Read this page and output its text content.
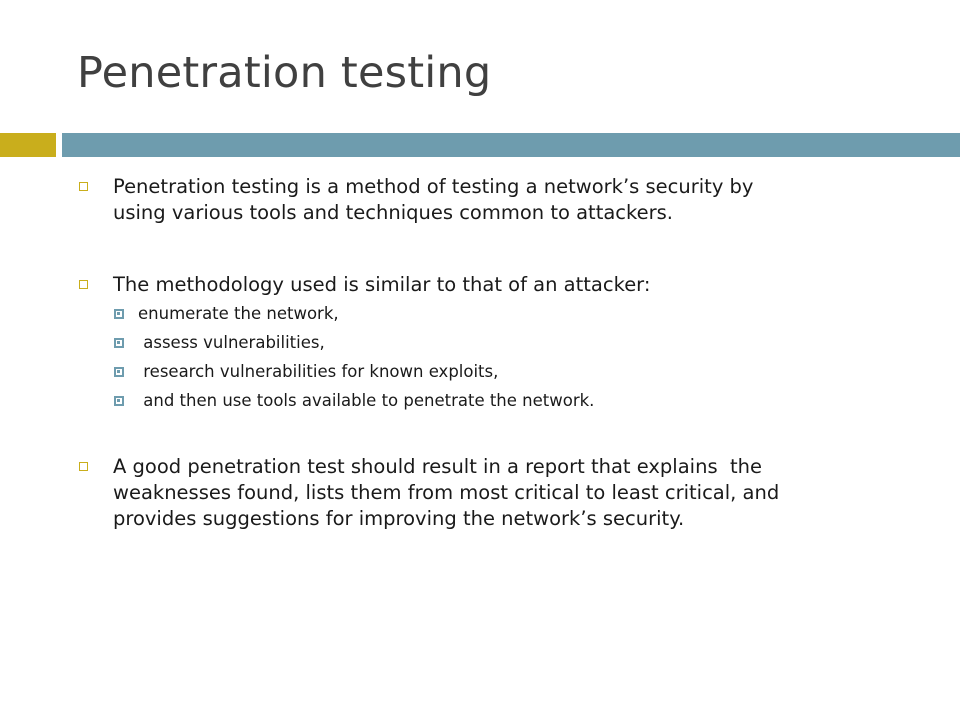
Penetration testing
Penetration testing is a method of testing a network’s security by
using various tools and techniques common to attackers.
The methodology used is similar to that of an attacker:
enumerate the network,
assess vulnerabilities,
research vulnerabilities for known exploits,
and then use tools available to penetrate the network.
A good penetration test should result in a report that explains  the
weaknesses found, lists them from most critical to least critical, and
provides suggestions for improving the network’s security.
